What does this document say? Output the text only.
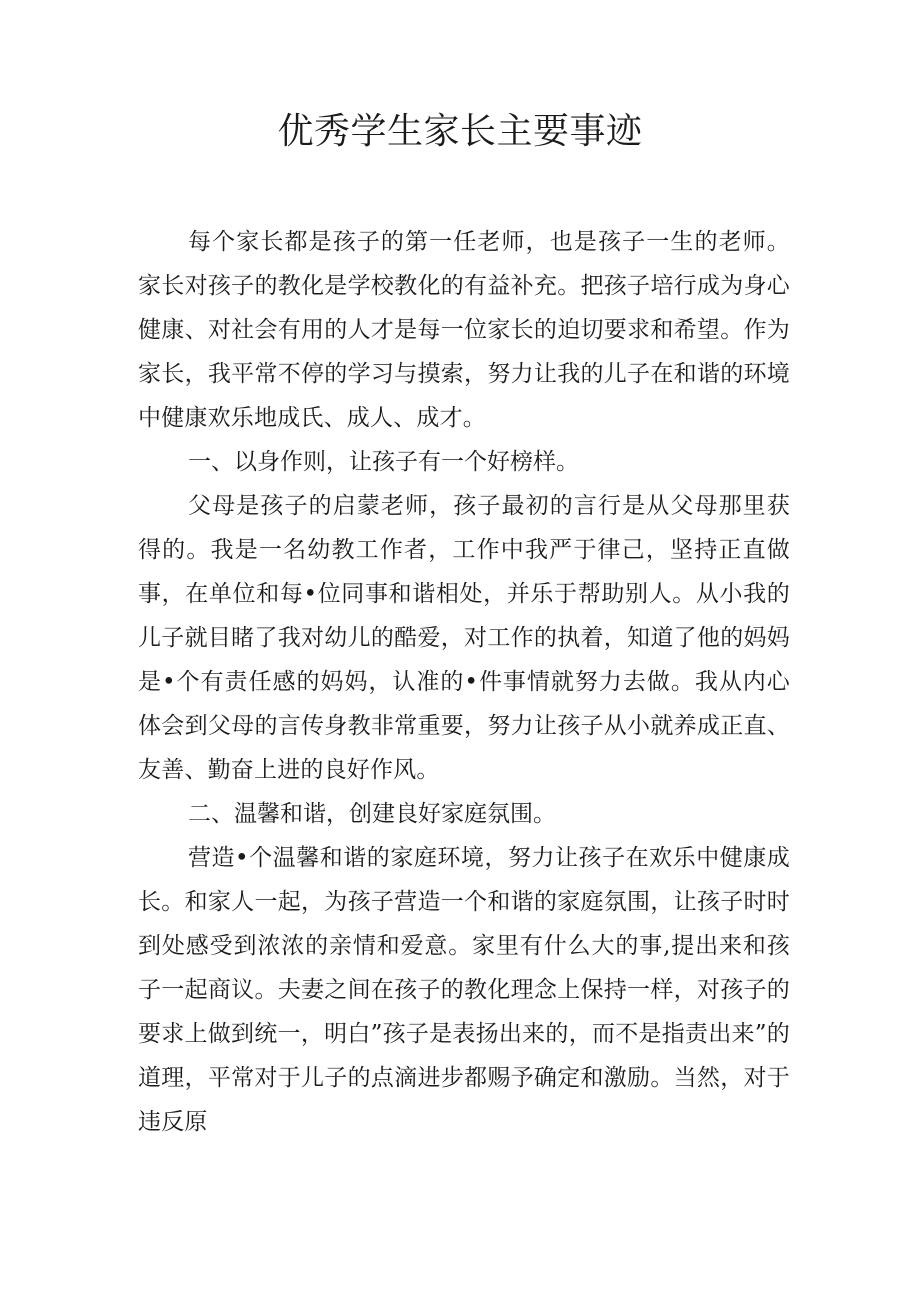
优秀学生家长主要事迹

每个家长都是孩子的第一任老师，也是孩子一生的老师。家长对孩子的教化是学校教化的有益补充。把孩子培行成为身心健康、对社会有用的人才是每一位家长的迫切要求和希望。作为家长，我平常不停的学习与摸索，努力让我的儿子在和谐的环境中健康欢乐地成氏、成人、成才。

一、以身作则，让孩子有一个好榜样。

父母是孩子的启蒙老师，孩子最初的言行是从父母那里获得的。我是一名幼教工作者，工作中我严于律己，坚持正直做事，在单位和每•位同事和谐相处，并乐于帮助别人。从小我的儿子就目睹了我对幼儿的酷爱，对工作的执着，知道了他的妈妈是•个有责任感的妈妈，认准的•件事情就努力去做。我从内心体会到父母的言传身教非常重要，努力让孩子从小就养成正直、友善、勤奋上进的良好作风。

二、温馨和谐，创建良好家庭氛围。

营造•个温馨和谐的家庭环境，努力让孩子在欢乐中健康成长。和家人一起，为孩子营造一个和谐的家庭氛围，让孩子时时到处感受到浓浓的亲情和爱意。家里有什么大的事,提出来和孩子一起商议。夫妻之间在孩子的教化理念上保持一样，对孩子的要求上做到统一，明白”孩子是表扬出来的，而不是指责出来”的道理，平常对于儿子的点滴进步都赐予确定和激励。当然，对于违反原
